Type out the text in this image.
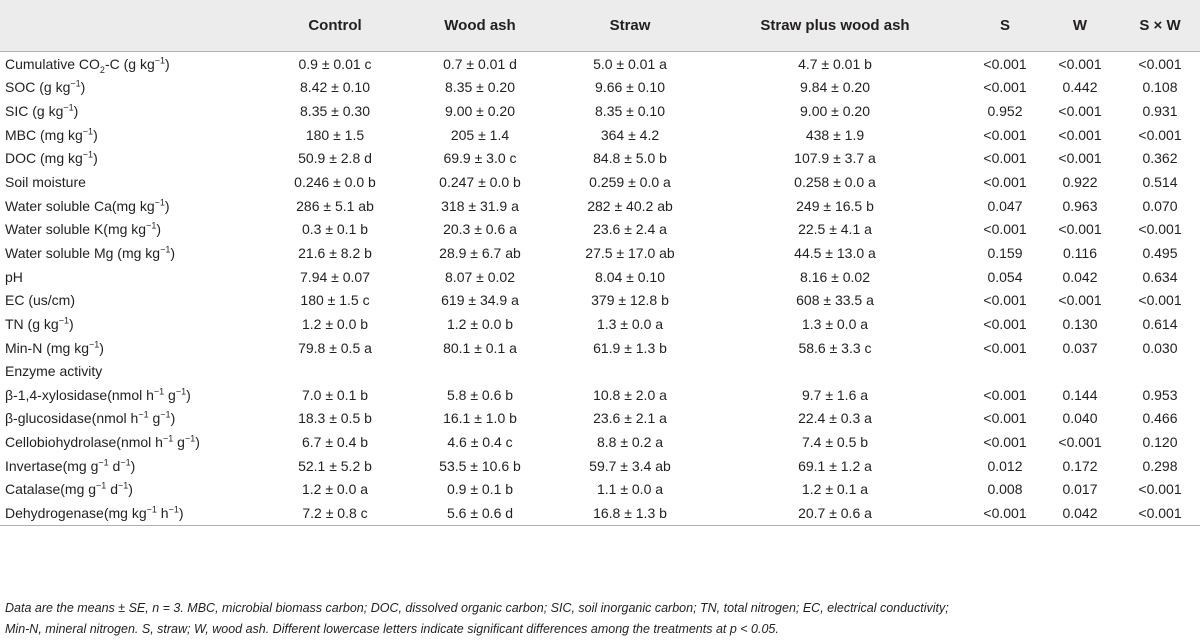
	Control	Wood ash	Straw	Straw plus wood ash	S	W	S × W
Cumulative $CO_2-C$ (g $kg^{-1}$)	0.9 ± 0.01 c	0.7 ± 0.01 d	5.0 ± 0.01 a	4.7 ± 0.01 b	<0.001	<0.001	<0.001
SOC (g $kg^{-1}$)	8.42 ± 0.10	8.35 ± 0.20	9.66 ± 0.10	9.84 ± 0.20	<0.001	0.442	0.108
SIC (g $kg^{-1}$)	8.35 ± 0.30	9.00 ± 0.20	8.35 ± 0.10	9.00 ± 0.20	0.952	<0.001	0.931
MBC (mg $kg^{-1}$)	180 ± 1.5	205 ± 1.4	364 ± 4.2	438 ± 1.9	<0.001	<0.001	<0.001
DOC (mg $kg^{-1}$)	50.9 ± 2.8 d	69.9 ± 3.0 c	84.8 ± 5.0 b	107.9 ± 3.7 a	<0.001	<0.001	0.362
Soil moisture	0.246 ± 0.0 b	0.247 ± 0.0 b	0.259 ± 0.0 a	0.258 ± 0.0 a	<0.001	0.922	0.514
Water soluble Ca(mg $kg^{-1}$)	286 ± 5.1 ab	318 ± 31.9 a	282 ± 40.2 ab	249 ± 16.5 b	0.047	0.963	0.070
Water soluble K(mg $kg^{-1}$)	0.3 ± 0.1 b	20.3 ± 0.6 a	23.6 ± 2.4 a	22.5 ± 4.1 a	<0.001	<0.001	<0.001
Water soluble Mg (mg $kg^{-1}$)	21.6 ± 8.2 b	28.9 ± 6.7 ab	27.5 ± 17.0 ab	44.5 ± 13.0 a	0.159	0.116	0.495
pH	7.94 ± 0.07	8.07 ± 0.02	8.04 ± 0.10	8.16 ± 0.02	0.054	0.042	0.634
EC (us/cm)	180 ± 1.5 c	619 ± 34.9 a	379 ± 12.8 b	608 ± 33.5 a	<0.001	<0.001	<0.001
TN (g $kg^{-1}$)	1.2 ± 0.0 b	1.2 ± 0.0 b	1.3 ± 0.0 a	1.3 ± 0.0 a	<0.001	0.130	0.614
Min-N (mg $kg^{-1}$)	79.8 ± 0.5 a	80.1 ± 0.1 a	61.9 ± 1.3 b	58.6 ± 3.3 c	<0.001	0.037	0.030
Enzyme activity							
β-1,4-xylosidase(nmol $h^{-1}$ $g^{-1}$)	7.0 ± 0.1 b	5.8 ± 0.6 b	10.8 ± 2.0 a	9.7 ± 1.6 a	<0.001	0.144	0.953
β-glucosidase(nmol $h^{-1}$ $g^{-1}$)	18.3 ± 0.5 b	16.1 ± 1.0 b	23.6 ± 2.1 a	22.4 ± 0.3 a	<0.001	0.040	0.466
Cellobiohydrolase(nmol $h^{-1}$ $g^{-1}$)	6.7 ± 0.4 b	4.6 ± 0.4 c	8.8 ± 0.2 a	7.4 ± 0.5 b	<0.001	<0.001	0.120
Invertase(mg $g^{-1}$ $d^{-1}$)	52.1 ± 5.2 b	53.5 ± 10.6 b	59.7 ± 3.4 ab	69.1 ± 1.2 a	0.012	0.172	0.298
Catalase(mg $g^{-1}$ $d^{-1}$)	1.2 ± 0.0 a	0.9 ± 0.1 b	1.1 ± 0.0 a	1.2 ± 0.1 a	0.008	0.017	<0.001
Dehydrogenase(mg $kg^{-1}$ $h^{-1}$)	7.2 ± 0.8 c	5.6 ± 0.6 d	16.8 ± 1.3 b	20.7 ± 0.6 a	<0.001	0.042	<0.001
Data are the means ± SE, n = 3. MBC, microbial biomass carbon; DOC, dissolved organic carbon; SIC, soil inorganic carbon; TN, total nitrogen; EC, electrical conductivity;
Min-N, mineral nitrogen. S, straw; W, wood ash. Different lowercase letters indicate significant differences among the treatments at p < 0.05.
